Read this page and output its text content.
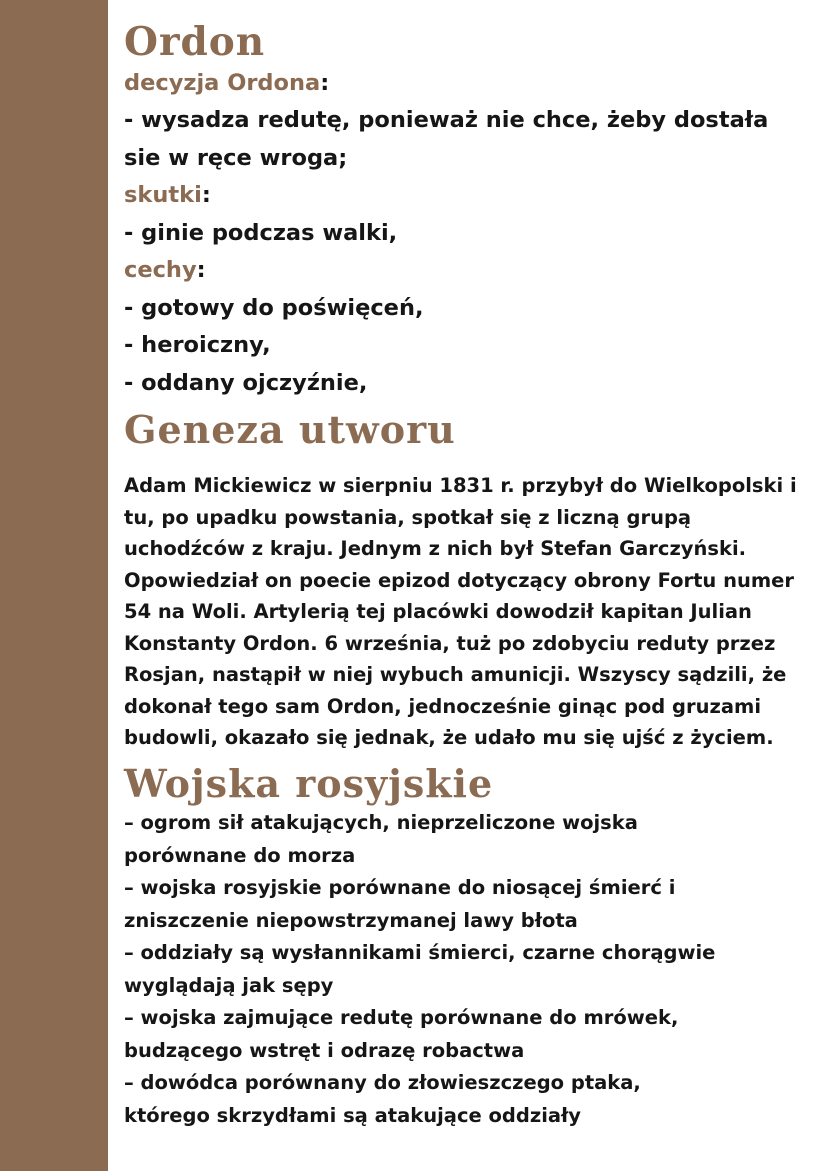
Ordon
decyzja Ordona:
- wysadza redutę, ponieważ nie chce, żeby dostała
sie w ręce wroga;
skutki:
- ginie podczas walki,
cechy:
- gotowy do poświęceń,
- heroiczny,
- oddany ojczyźnie,
Geneza utworu
Adam Mickiewicz w sierpniu 1831 r. przybył do Wielkopolski i
tu, po upadku powstania, spotkał się z liczną grupą
uchodźców z kraju. Jednym z nich był Stefan Garczyński.
Opowiedział on poecie epizod dotyczący obrony Fortu numer
54 na Woli. Artylerią tej placówki dowodził kapitan Julian
Konstanty Ordon. 6 września, tuż po zdobyciu reduty przez
Rosjan, nastąpił w niej wybuch amunicji. Wszyscy sądzili, że
dokonał tego sam Ordon, jednocześnie ginąc pod gruzami
budowli, okazało się jednak, że udało mu się ujść z życiem.
Wojska rosyjskie
– ogrom sił atakujących, nieprzeliczone wojska
porównane do morza
– wojska rosyjskie porównane do niosącej śmierć i
zniszczenie niepowstrzymanej lawy błota
– oddziały są wysłannikami śmierci, czarne chorągwie
wyglądają jak sępy
– wojska zajmujące redutę porównane do mrówek,
budzącego wstręt i odrazę robactwa
– dowódca porównany do złowieszczego ptaka,
którego skrzydłami są atakujące oddziały
